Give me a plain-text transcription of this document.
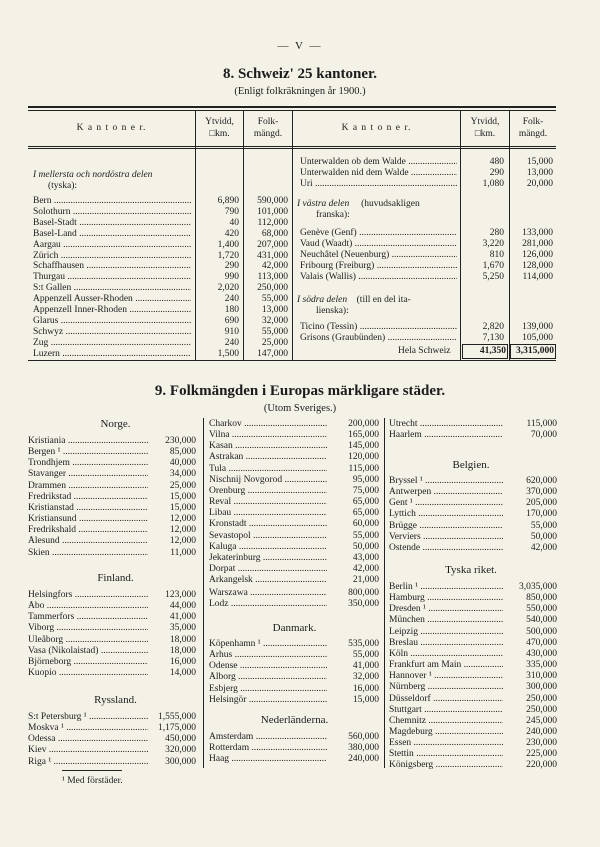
— V —
8. Schweiz' 25 kantoner.
(Enligt folkräkningen år 1900.)
K a n t o n e r.
Ytvidd,
□km.
Folk-
mängd.
K a n t o n e r.
Ytvidd,
□km.
Folk-
mängd.
I mellersta och nordöstra delen
(tyska):
Bern .....	6,890	590,000
Solothurn .....	790	101,000
Basel-Stadt .....	40	112,000
Basel-Land .....	420	68,000
Aargau .....	1,400	207,000
Zürich .....	1,720	431,000
Schaffhausen .....	290	42,000
Thurgau .....	990	113,000
S:t Gallen .....	2,020	250,000
Appenzell Ausser-Rhoden .....	240	55,000
Appenzell Inner-Rhoden .....	180	13,000
Glarus .....	690	32,000
Schwyz .....	910	55,000
Zug .....	240	25,000
Luzern .....	1,500	147,000
Unterwalden ob dem Walde .....	480	15,000
Unterwalden nid dem Walde .....	290	13,000
Uri .....	1,080	20,000
I västra delen (huvudsakligen
franska):
Genève (Genf) .....	280	133,000
Vaud (Waadt) .....	3,220	281,000
Neuchâtel (Neuenburg) .....	810	126,000
Fribourg (Freiburg) .....	1,670	128,000
Valais (Wallis) .....	5,250	114,000
I södra delen (till en del ita-
lienska):
Ticino (Tessin) .....	2,820	139,000
Grisons (Graubünden) .....	7,130	105,000
Hela Schweiz	41,350	3,315,000
9. Folkmängden i Europas märkligare städer.
(Utom Sveriges.)
Norge.
Finland.
Ryssland.
Danmark.
Nederländerna.
Belgien.
Tyska riket.
Kristiania .....	230,000
Bergen ¹ .....	85,000
Trondhjem .....	40,000
Stavanger .....	34,000
Drammen .....	25,000
Fredrikstad .....	15,000
Kristianstad .....	15,000
Kristiansund .....	12,000
Fredrikshald .....	12,000
Ålesund .....	12,000
Skien .....	11,000
Helsingfors .....	123,000
Åbo .....	44,000
Tammerfors .....	41,000
Viborg .....	35,000
Uleåborg .....	18,000
Vasa (Nikolaistad) .....	18,000
Björneborg .....	16,000
Kuopio .....	14,000
S:t Petersburg ¹ .....	1,555,000
Moskva ¹ .....	1,175,000
Odessa .....	450,000
Kiev .....	320,000
Riga ¹ .....	300,000
Charkov .....	200,000
Vilna .....	165,000
Kasan .....	145,000
Astrakan .....	120,000
Tula .....	115,000
Nischnij Novgorod .....	95,000
Orenburg .....	75,000
Reval .....	65,000
Libau .....	65,000
Kronstadt .....	60,000
Sevastopol .....	55,000
Kaluga .....	50,000
Jekaterinburg .....	43,000
Dorpat .....	42,000
Arkangelsk .....	21,000
Warszawa .....	800,000
Lodz .....	350,000
Köpenhamn ¹ .....	535,000
Århus .....	55,000
Odense .....	41,000
Ålborg .....	32,000
Esbjerg .....	16,000
Helsingör .....	15,000
Amsterdam .....	560,000
Rotterdam .....	380,000
Haag .....	240,000
Utrecht .....	115,000
Haarlem .....	70,000
Bryssel ¹ .....	620,000
Antwerpen .....	370,000
Gent ¹ .....	205,000
Lyttich .....	170,000
Brügge .....	55,000
Verviers .....	50,000
Ostende .....	42,000
Berlin ¹ .....	3,035,000
Hamburg .....	850,000
Dresden ¹ .....	550,000
München .....	540,000
Leipzig .....	500,000
Breslau .....	470,000
Köln .....	430,000
Frankfurt am Main .....	335,000
Hannover ¹ .....	310,000
Nürnberg .....	300,000
Düsseldorf .....	250,000
Stuttgart .....	250,000
Chemnitz .....	245,000
Magdeburg .....	240,000
Essen .....	230,000
Stettin .....	225,000
Königsberg .....	220,000
¹ Med förstäder.
